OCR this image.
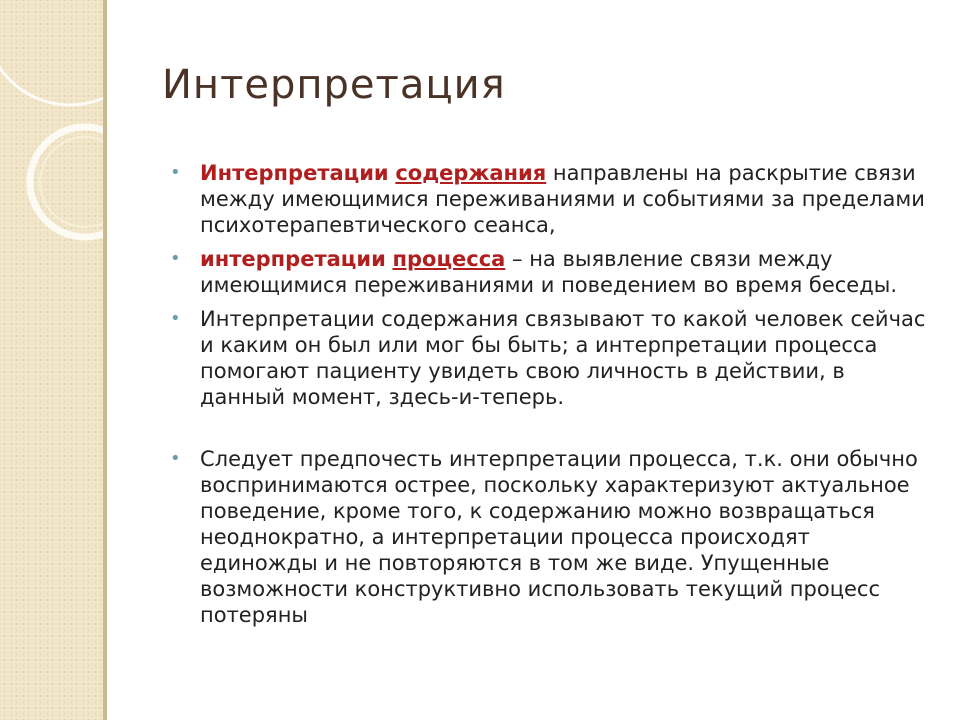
Интерпретация
• Интерпретации содержания направлены на раскрытие связи между имеющимися переживаниями и событиями за пределами психотерапевтического сеанса,
• интерпретации процесса – на выявление связи между имеющимися переживаниями и поведением во время беседы.
• Интерпретации содержания связывают то какой человек сейчас и каким он был или мог бы быть; а интерпретации процесса помогают пациенту увидеть свою личность в действии, в данный момент, здесь-и-теперь.
• Следует предпочесть интерпретации процесса, т.к. они обычно воспринимаются острее, поскольку характеризуют актуальное поведение, кроме того, к содержанию можно возвращаться неоднократно, а интерпретации процесса происходят единожды и не повторяются в том же виде. Упущенные возможности конструктивно использовать текущий процесс потеряны
